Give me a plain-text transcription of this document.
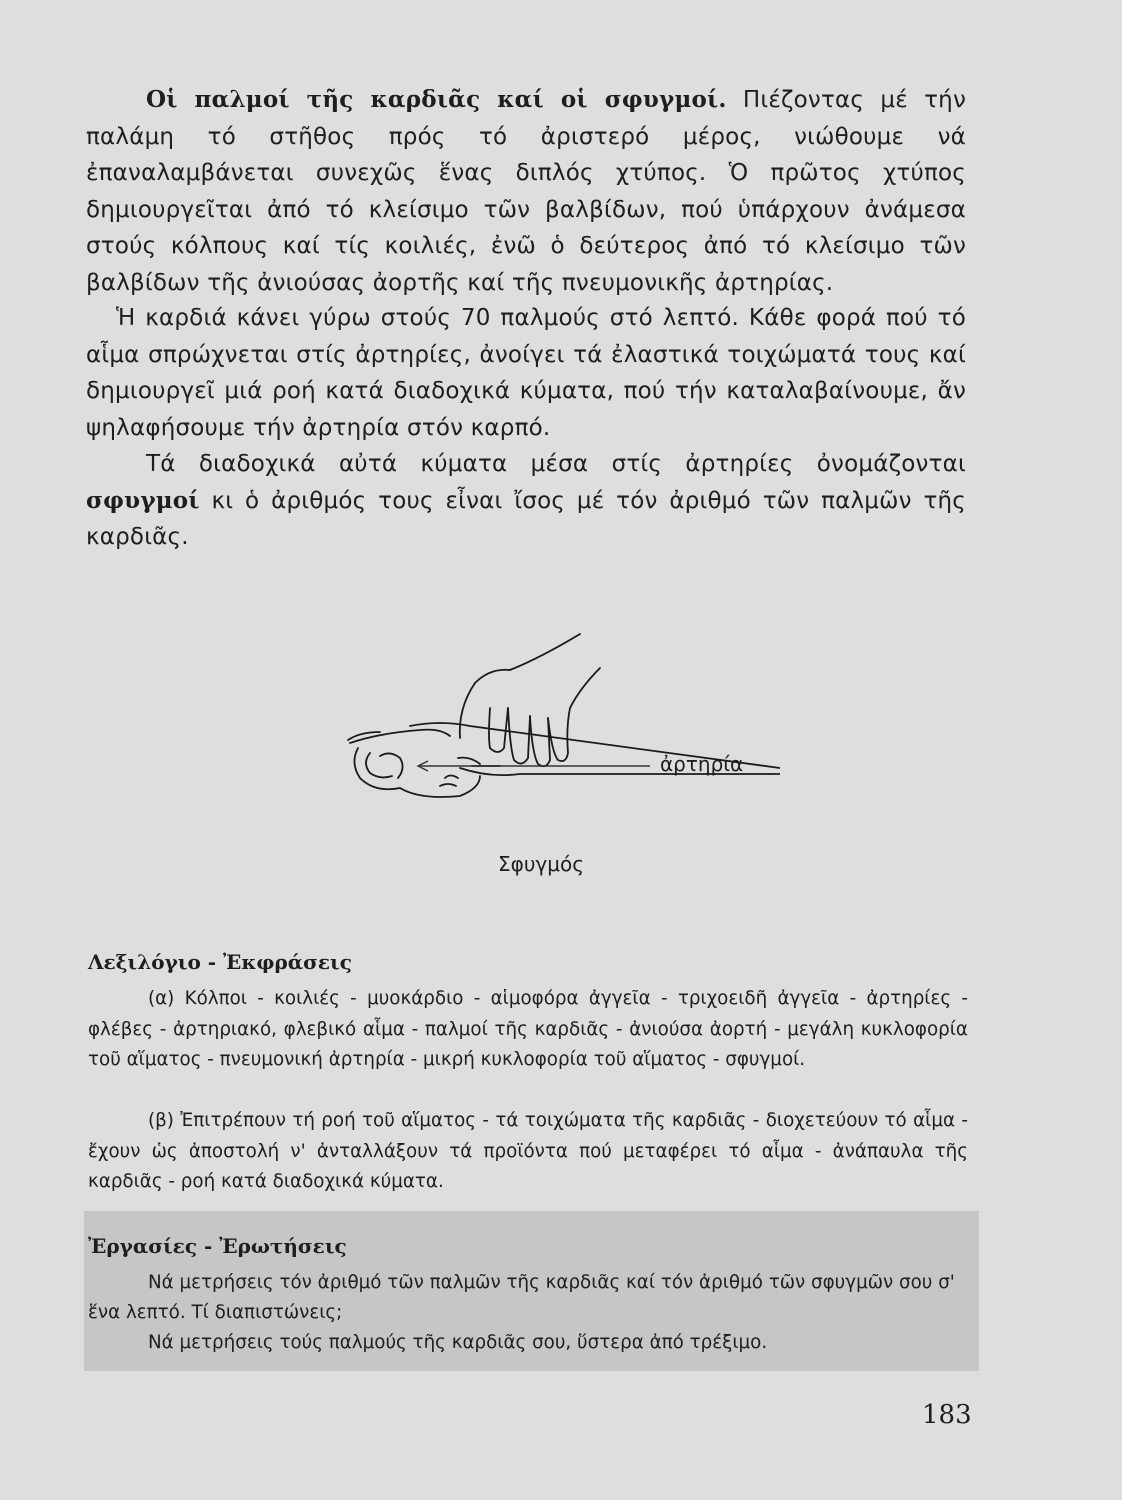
Οἱ παλμοί τῆς καρδιᾶς καί οἱ σφυγμοί. Πιέζοντας μέ τήν παλάμη τό στῆθος πρός τό ἀριστερό μέρος, νιώθουμε νά ἐπαναλαμβάνεται συνεχῶς ἕνας διπλός χτύπος. Ὁ πρῶτος χτύπος δημιουργεῖται ἀπό τό κλείσιμο τῶν βαλβίδων, πού ὑπάρχουν ἀνάμεσα στούς κόλπους καί τίς κοιλιές, ἐνῶ ὁ δεύτερος ἀπό τό κλείσιμο τῶν βαλβίδων τῆς ἀνιούσας ἀορτῆς καί τῆς πνευμονικῆς ἀρτηρίας.

Ἡ καρδιά κάνει γύρω στούς 70 παλμούς στό λεπτό. Κάθε φορά πού τό αἷμα σπρώχνεται στίς ἀρτηρίες, ἀνοίγει τά ἐλαστικά τοιχώματά τους καί δημιουργεῖ μιά ροή κατά διαδοχικά κύματα, πού τήν καταλαβαίνουμε, ἄν ψηλαφήσουμε τήν ἀρτηρία στόν καρπό.

Τά διαδοχικά αὐτά κύματα μέσα στίς ἀρτηρίες ὀνομάζονται σφυγμοί κι ὁ ἀριθμός τους εἶναι ἴσος μέ τόν ἀριθμό τῶν παλμῶν τῆς καρδιᾶς.

ἀρτηρία
Σφυγμός
Λεξιλόγιο - Ἐκφράσεις

(α) Κόλποι - κοιλιές - μυοκάρδιο - αἱμοφόρα ἀγγεῖα - τριχοειδῆ ἀγγεῖα - ἀρτηρίες - φλέβες - ἀρτηριακό, φλεβικό αἷμα - παλμοί τῆς καρδιᾶς - ἀνιούσα ἀορτή - μεγάλη κυκλοφορία τοῦ αἵματος - πνευμονική ἀρτηρία - μικρή κυκλοφορία τοῦ αἵματος - σφυγμοί.

(β) Ἐπιτρέπουν τή ροή τοῦ αἵματος - τά τοιχώματα τῆς καρδιᾶς - διοχετεύουν τό αἷμα - ἔχουν ὡς ἀποστολή ν' ἀνταλλάξουν τά προϊόντα πού μεταφέρει τό αἷμα - ἀνάπαυλα τῆς καρδιᾶς - ροή κατά διαδοχικά κύματα.

Ἐργασίες - Ἐρωτήσεις

Νά μετρήσεις τόν ἀριθμό τῶν παλμῶν τῆς καρδιᾶς καί τόν ἀριθμό τῶν σφυγμῶν σου σ' ἕνα λεπτό. Τί διαπιστώνεις;

Νά μετρήσεις τούς παλμούς τῆς καρδιᾶς σου, ὕστερα ἀπό τρέξιμο.

183
